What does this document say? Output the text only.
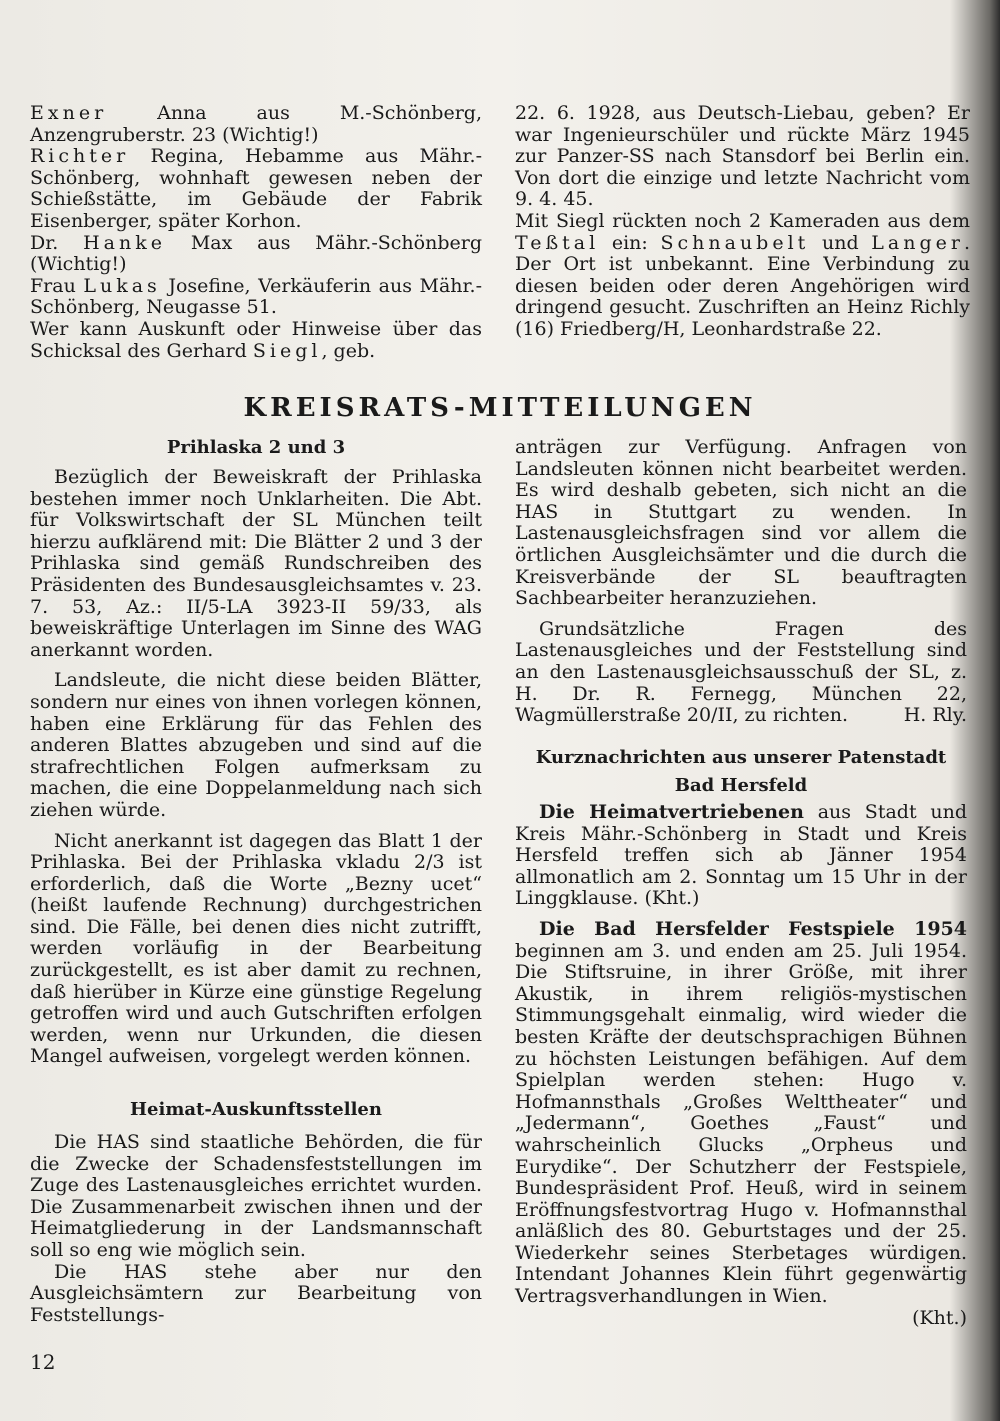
Exner Anna aus M.-Schönberg, Anzengruberstr. 23 (Wichtig!)

Richter Regina, Hebamme aus Mähr.-Schönberg, wohnhaft gewesen neben der Schießstätte, im Gebäude der Fabrik Eisenberger, später Korhon.

Dr. Hanke Max aus Mähr.-Schönberg (Wichtig!)

Frau Lukas Josefine, Verkäuferin aus Mähr.-Schönberg, Neugasse 51.

Wer kann Auskunft oder Hinweise über das Schicksal des Gerhard Siegl, geb.

22. 6. 1928, aus Deutsch-Liebau, geben? Er war Ingenieurschüler und rückte März 1945 zur Panzer-SS nach Stansdorf bei Berlin ein. Von dort die einzige und letzte Nachricht vom 9. 4. 45.

Mit Siegl rückten noch 2 Kameraden aus dem Teßtal ein: Schnaubelt und Langer. Der Ort ist unbekannt. Eine Verbindung zu diesen beiden oder deren Angehörigen wird dringend gesucht. Zuschriften an Heinz Richly (16) Friedberg/H, Leonhardstraße 22.

KREISRATS-MITTEILUNGEN
Prihlaska 2 und 3

Bezüglich der Beweiskraft der Prihlaska bestehen immer noch Unklarheiten. Die Abt. für Volkswirtschaft der SL München teilt hierzu aufklärend mit: Die Blätter 2 und 3 der Prihlaska sind gemäß Rundschreiben des Präsidenten des Bundesausgleichsamtes v. 23. 7. 53, Az.: II/5-LA 3923-II 59/33, als beweiskräftige Unterlagen im Sinne des WAG anerkannt worden.

Landsleute, die nicht diese beiden Blätter, sondern nur eines von ihnen vorlegen können, haben eine Erklärung für das Fehlen des anderen Blattes abzugeben und sind auf die strafrechtlichen Folgen aufmerksam zu machen, die eine Doppelanmeldung nach sich ziehen würde.

Nicht anerkannt ist dagegen das Blatt 1 der Prihlaska. Bei der Prihlaska vkladu 2/3 ist erforderlich, daß die Worte „Bezny ucet“ (heißt laufende Rechnung) durchgestrichen sind. Die Fälle, bei denen dies nicht zutrifft, werden vorläufig in der Bearbeitung zurückgestellt, es ist aber damit zu rechnen, daß hierüber in Kürze eine günstige Regelung getroffen wird und auch Gutschriften erfolgen werden, wenn nur Urkunden, die diesen Mangel aufweisen, vorgelegt werden können.

Heimat-Auskunftsstellen

Die HAS sind staatliche Behörden, die für die Zwecke der Schadensfeststellungen im Zuge des Lastenausgleiches errichtet wurden. Die Zusammenarbeit zwischen ihnen und der Heimatgliederung in der Landsmannschaft soll so eng wie möglich sein.

Die HAS stehe aber nur den Ausgleichsämtern zur Bearbeitung von Feststellungs-

anträgen zur Verfügung. Anfragen von Landsleuten können nicht bearbeitet werden. Es wird deshalb gebeten, sich nicht an die HAS in Stuttgart zu wenden. In Lastenausgleichsfragen sind vor allem die örtlichen Ausgleichsämter und die durch die Kreisverbände der SL beauftragten Sachbearbeiter heranzuziehen.

Grundsätzliche Fragen des Lastenausgleiches und der Feststellung sind an den Lastenausgleichsausschuß der SL, z. H. Dr. R. Fernegg, München 22, Wagmüllerstraße 20/II, zu richten.	H. Rly.

Kurznachrichten aus unserer Patenstadt
Bad Hersfeld

Die Heimatvertriebenen aus Stadt und Kreis Mähr.-Schönberg in Stadt und Kreis Hersfeld treffen sich ab Jänner 1954 allmonatlich am 2. Sonntag um 15 Uhr in der Linggklause. (Kht.)

Die Bad Hersfelder Festspiele 1954 beginnen am 3. und enden am 25. Juli 1954. Die Stiftsruine, in ihrer Größe, mit ihrer Akustik, in ihrem religiös-mystischen Stimmungsgehalt einmalig, wird wieder die besten Kräfte der deutschsprachigen Bühnen zu höchsten Leistungen befähigen. Auf dem Spielplan werden stehen: Hugo v. Hofmannsthals „Großes Welttheater“ und „Jedermann“, Goethes „Faust“ und wahrscheinlich Glucks „Orpheus und Eurydike“. Der Schutzherr der Festspiele, Bundespräsident Prof. Heuß, wird in seinem Eröffnungsfestvortrag Hugo v. Hofmannsthal anläßlich des 80. Geburtstages und der 25. Wiederkehr seines Sterbetages würdigen. Intendant Johannes Klein führt gegenwärtig Vertragsverhandlungen in Wien.

(Kht.)

12
